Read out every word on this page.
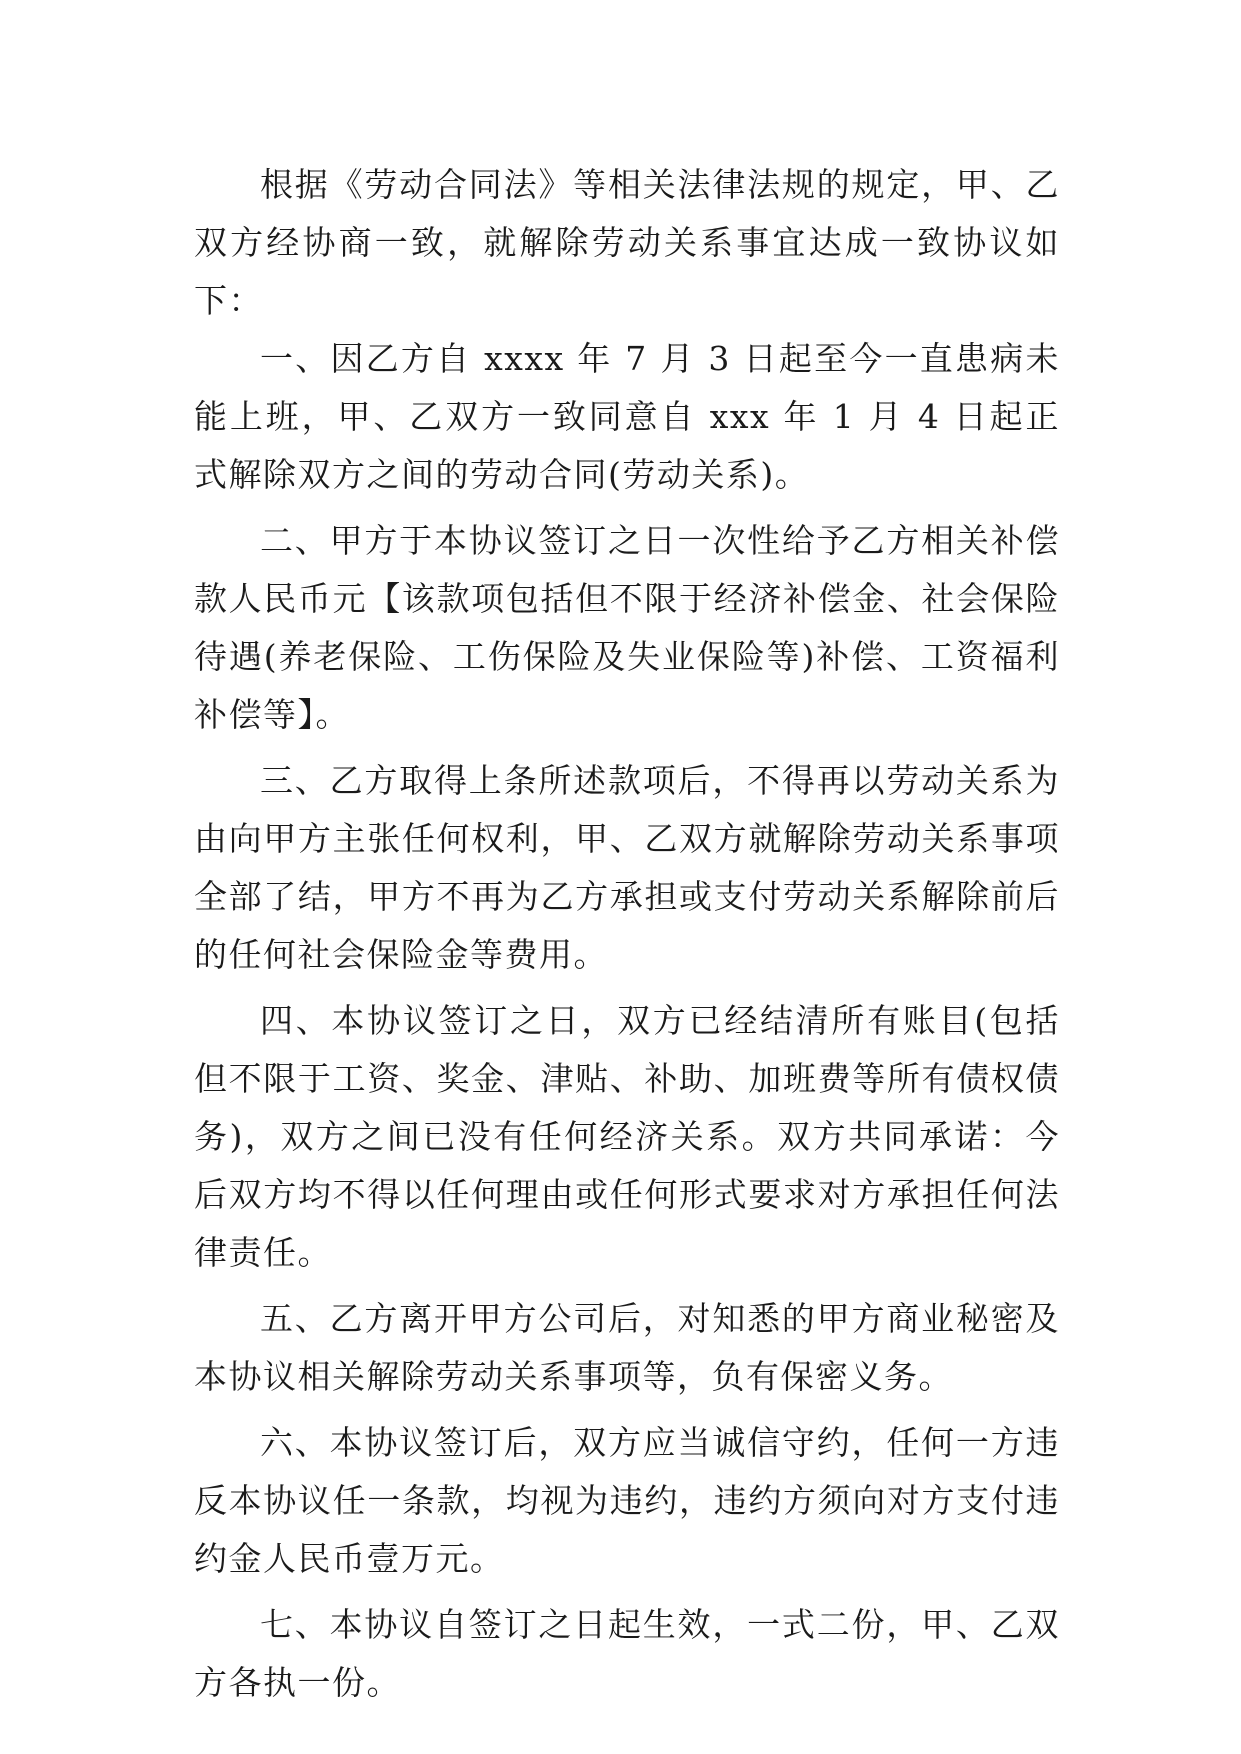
根据《劳动合同法》等相关法律法规的规定，甲、乙双方经协商一致，就解除劳动关系事宜达成一致协议如下：

一、因乙方自 xxxx 年 7 月 3 日起至今一直患病未能上班，甲、乙双方一致同意自 xxx 年 1 月 4 日起正式解除双方之间的劳动合同(劳动关系)。

二、甲方于本协议签订之日一次性给予乙方相关补偿款人民币元【该款项包括但不限于经济补偿金、社会保险待遇(养老保险、工伤保险及失业保险等)补偿、工资福利补偿等】。

三、乙方取得上条所述款项后，不得再以劳动关系为由向甲方主张任何权利，甲、乙双方就解除劳动关系事项全部了结，甲方不再为乙方承担或支付劳动关系解除前后的任何社会保险金等费用。

四、本协议签订之日，双方已经结清所有账目(包括但不限于工资、奖金、津贴、补助、加班费等所有债权债务)，双方之间已没有任何经济关系。双方共同承诺：今后双方均不得以任何理由或任何形式要求对方承担任何法律责任。

五、乙方离开甲方公司后，对知悉的甲方商业秘密及本协议相关解除劳动关系事项等，负有保密义务。

六、本协议签订后，双方应当诚信守约，任何一方违反本协议任一条款，均视为违约，违约方须向对方支付违约金人民币壹万元。

七、本协议自签订之日起生效，一式二份，甲、乙双方各执一份。
